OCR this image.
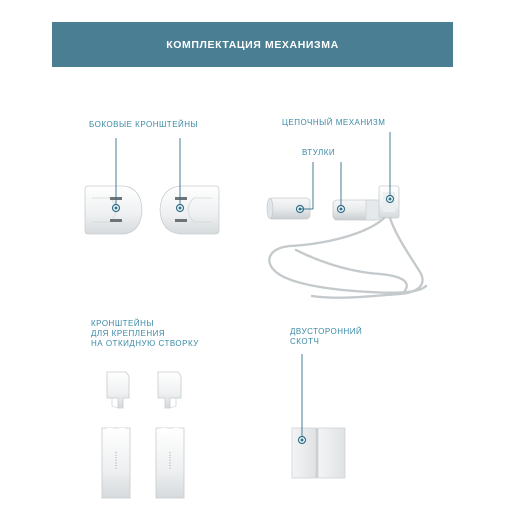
КОМПЛЕКТАЦИЯ МЕХАНИЗМА
БОКОВЫЕ КРОНШТЕЙНЫ	ЦЕПОЧНЫЙ МЕХАНИЗМ
ВТУЛКИ
КРОНШТЕЙНЫ
ДЛЯ КРЕПЛЕНИЯ
НА ОТКИДНУЮ СТВОРКУ
ДВУСТОРОННИЙ
СКОТЧ
